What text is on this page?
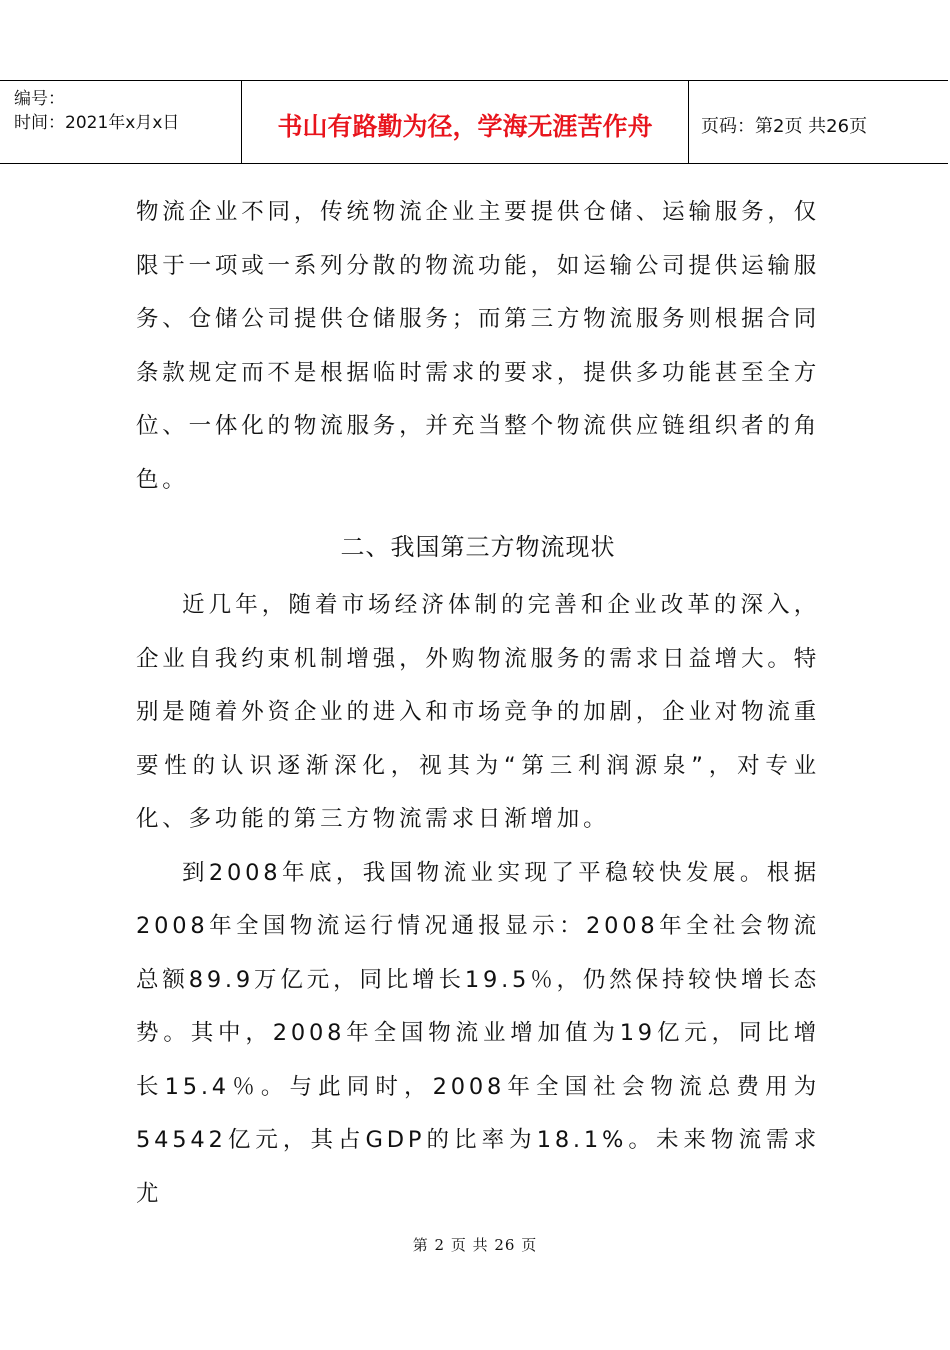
编号：
时间：2021年x月x日	书山有路勤为径，学海无涯苦作舟	页码：第2页 共26页

物流企业不同，传统物流企业主要提供仓储、运输服务，仅限于一项或一系列分散的物流功能，如运输公司提供运输服务、仓储公司提供仓储服务；而第三方物流服务则根据合同条款规定而不是根据临时需求的要求，提供多功能甚至全方位、一体化的物流服务，并充当整个物流供应链组织者的角色。

二、我国第三方物流现状

近几年，随着市场经济体制的完善和企业改革的深入，企业自我约束机制增强，外购物流服务的需求日益增大。特别是随着外资企业的进入和市场竞争的加剧，企业对物流重要性的认识逐渐深化，视其为“第三利润源泉”，对专业化、多功能的第三方物流需求日渐增加。

到2008年底，我国物流业实现了平稳较快发展。根据2008年全国物流运行情况通报显示：2008年全社会物流总额89.9万亿元，同比增长19.5％，仍然保持较快增长态势。其中，2008年全国物流业增加值为19亿元，同比增长15.4％。与此同时，2008年全国社会物流总费用为54542亿元，其占GDP的比率为18.1%。未来物流需求尤

第 2 页 共 26 页
